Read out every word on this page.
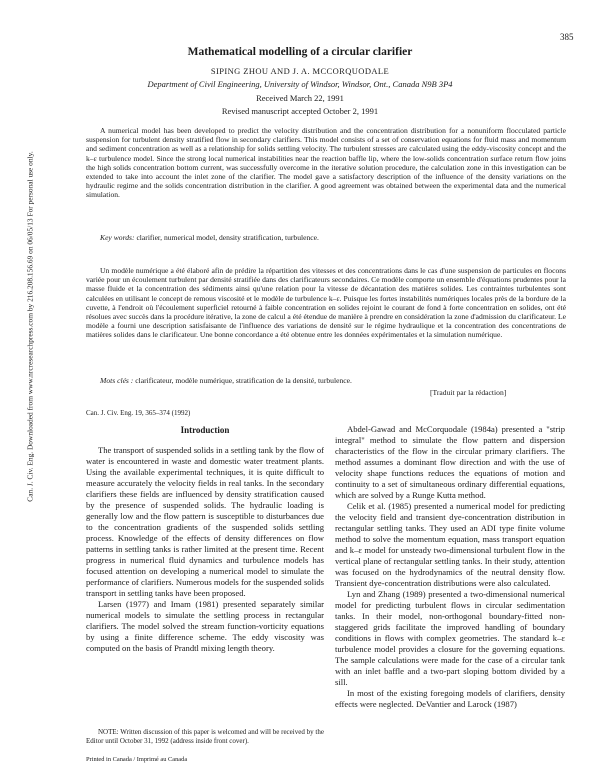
385
Can. J. Civ. Eng. Downloaded from www.nrcresearchpress.com by 216.208.156.69 on 06/05/13 For personal use only.
Mathematical modelling of a circular clarifier
SIPING ZHOU AND J. A. MCCORQUODALE
Department of Civil Engineering, University of Windsor, Windsor, Ont., Canada N9B 3P4
Received March 22, 1991
Revised manuscript accepted October 2, 1991
A numerical model has been developed to predict the velocity distribution and the concentration distribution for a nonuniform flocculated particle suspension for turbulent density stratified flow in secondary clarifiers. This model consists of a set of conservation equations for fluid mass and momentum and sediment concentration as well as a relationship for solids settling velocity. The turbulent stresses are calculated using the eddy-viscosity concept and the k–ε turbulence model. Since the strong local numerical instabilities near the reaction baffle lip, where the low-solids concentration surface return flow joins the high solids concentration bottom current, was successfully overcome in the iterative solution procedure, the calculation zone in this investigation can be extended to take into account the inlet zone of the clarifier. The model gave a satisfactory description of the influence of the density variations on the hydraulic regime and the solids concentration distribution in the clarifier. A good agreement was obtained between the experimental data and the numerical simulation.
Key words: clarifier, numerical model, density stratification, turbulence.
Un modèle numérique a été élaboré afin de prédire la répartition des vitesses et des concentrations dans le cas d'une suspension de particules en flocons variée pour un écoulement turbulent par densité stratifiée dans des clarificateurs secondaires. Ce modèle comporte un ensemble d'équations prudentes pour la masse fluide et la concentration des sédiments ainsi qu'une relation pour la vitesse de décantation des matières solides. Les contraintes turbulentes sont calculées en utilisant le concept de remous viscosité et le modèle de turbulence k–ε. Puisque les fortes instabilités numériques locales près de la bordure de la cuvette, à l'endroit où l'écoulement superficiel retourné à faible concentration en solides rejoint le courant de fond à forte concentration en solides, ont été résolues avec succès dans la procédure itérative, la zone de calcul a été étendue de manière à prendre en considération la zone d'admission du clarificateur. Le modèle a fourni une description satisfaisante de l'influence des variations de densité sur le régime hydraulique et la concentration des concentrations de matières solides dans le clarificateur. Une bonne concordance a été obtenue entre les données expérimentales et la simulation numérique.
Mots clés : clarificateur, modèle numérique, stratification de la densité, turbulence.
[Traduit par la rédaction]
Can. J. Civ. Eng. 19, 365–374 (1992)
Introduction

The transport of suspended solids in a settling tank by the flow of water is encountered in waste and domestic water treatment plants. Using the available experimental techniques, it is quite difficult to measure accurately the velocity fields in real tanks. In the secondary clarifiers these fields are influenced by density stratification caused by the presence of suspended solids. The hydraulic loading is generally low and the flow pattern is susceptible to disturbances due to the concentration gradients of the suspended solids settling process. Knowledge of the effects of density differences on flow patterns in settling tanks is rather limited at the present time. Recent progress in numerical fluid dynamics and turbulence models has focused attention on developing a numerical model to simulate the performance of clarifiers. Numerous models for the suspended solids transport in settling tanks have been proposed.

Larsen (1977) and Imam (1981) presented separately similar numerical models to simulate the settling process in rectangular clarifiers. The model solved the stream function-vorticity equations by using a finite difference scheme. The eddy viscosity was computed on the basis of Prandtl mixing length theory.

NOTE: Written discussion of this paper is welcomed and will be received by the Editor until October 31, 1992 (address inside front cover).
Printed in Canada / Imprimé au Canada

Abdel-Gawad and McCorquodale (1984a) presented a "strip integral" method to simulate the flow pattern and dispersion characteristics of the flow in the circular primary clarifiers. The method assumes a dominant flow direction and with the use of velocity shape functions reduces the equations of motion and continuity to a set of simultaneous ordinary differential equations, which are solved by a Runge Kutta method.

Celik et al. (1985) presented a numerical model for predicting the velocity field and transient dye-concentration distribution in rectangular settling tanks. They used an ADI type finite volume method to solve the momentum equation, mass transport equation and k–ε model for unsteady two-dimensional turbulent flow in the vertical plane of rectangular settling tanks. In their study, attention was focused on the hydrodynamics of the neutral density flow. Transient dye-concentration distributions were also calculated.

Lyn and Zhang (1989) presented a two-dimensional numerical model for predicting turbulent flows in circular sedimentation tanks. In their model, non-orthogonal boundary-fitted non-staggered grids facilitate the improved handling of boundary conditions in flows with complex geometries. The standard k–ε turbulence model provides a closure for the governing equations. The sample calculations were made for the case of a circular tank with an inlet baffle and a two-part sloping bottom divided by a sill.

In most of the existing foregoing models of clarifiers, density effects were neglected. DeVantier and Larock (1987)
